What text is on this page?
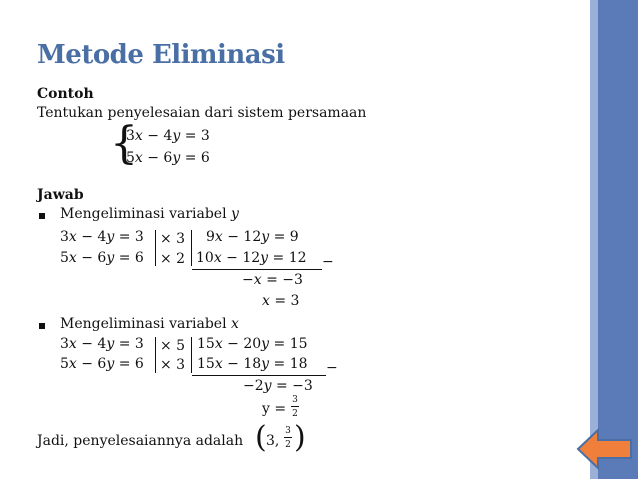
Metode Eliminasi
Contoh
Tentukan penyelesaian dari sistem persamaan
{
3𝑥 − 4𝑦 = 3
5𝑥 − 6𝑦 = 6
Jawab
Mengeliminasi variabel 𝑦
3𝑥 − 4𝑦 = 3
5𝑥 − 6𝑦 = 6
× 3
× 2
9𝑥 − 12𝑦 = 9
10𝑥 − 12𝑦 = 12 −
−𝑥 = −3
𝑥 = 3
Mengeliminasi variabel 𝑥
3𝑥 − 4𝑦 = 3
5𝑥 − 6𝑦 = 6
× 5
× 3
15𝑥 − 20𝑦 = 15
15𝑥 − 18𝑦 = 18 −
−2𝑦 = −3
y =
3
2
Jadi, penyelesaiannya adalah ( 3,
3
2 )
